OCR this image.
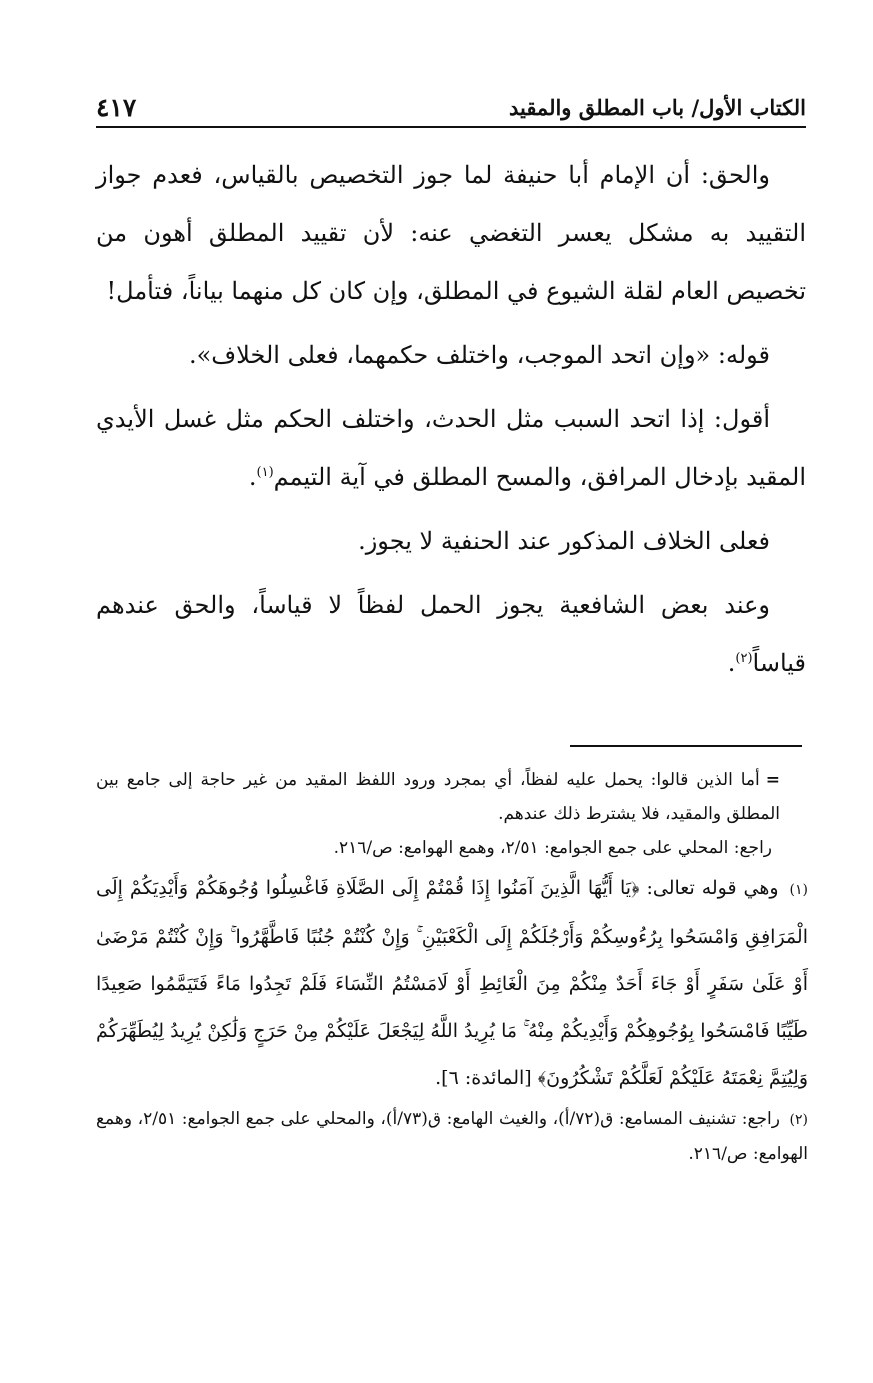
الكتاب الأول/ باب المطلق والمقيد
٤١٧

والحق: أن الإمام أبا حنيفة لما جوز التخصيص بالقياس، فعدم جواز التقييد به مشكل يعسر التغضي عنه: لأن تقييد المطلق أهون من تخصيص العام لقلة الشيوع في المطلق، وإن كان كل منهما بياناً، فتأمل!

قوله: «وإن اتحد الموجب، واختلف حكمهما، فعلى الخلاف».

أقول: إذا اتحد السبب مثل الحدث، واختلف الحكم مثل غسل الأيدي المقيد بإدخال المرافق، والمسح المطلق في آية التيمم$^{(١)}$.

فعلى الخلاف المذكور عند الحنفية لا يجوز.

وعند بعض الشافعية يجوز الحمل لفظاً لا قياساً، والحق عندهم قياساً$^{(٢)}$.

=أما الذين قالوا: يحمل عليه لفظاً، أي بمجرد ورود اللفظ المقيد من غير حاجة إلى جامع بين المطلق والمقيد، فلا يشترط ذلك عندهم.

راجع: المحلي على جمع الجوامع: ٢/٥١، وهمع الهوامع: ص/٢١٦.

(١) وهي قوله تعالى: ﴿يَا أَيُّهَا الَّذِينَ آمَنُوا إِذَا قُمْتُمْ إِلَى الصَّلَاةِ فَاغْسِلُوا وُجُوهَكُمْ وَأَيْدِيَكُمْ إِلَى الْمَرَافِقِ وَامْسَحُوا بِرُءُوسِكُمْ وَأَرْجُلَكُمْ إِلَى الْكَعْبَيْنِ ۚ وَإِنْ كُنْتُمْ جُنُبًا فَاطَّهَّرُوا ۚ وَإِنْ كُنْتُمْ مَرْضَىٰ أَوْ عَلَىٰ سَفَرٍ أَوْ جَاءَ أَحَدٌ مِنْكُمْ مِنَ الْغَائِطِ أَوْ لَامَسْتُمُ النِّسَاءَ فَلَمْ تَجِدُوا مَاءً فَتَيَمَّمُوا صَعِيدًا طَيِّبًا فَامْسَحُوا بِوُجُوهِكُمْ وَأَيْدِيكُمْ مِنْهُ ۚ مَا يُرِيدُ اللَّهُ لِيَجْعَلَ عَلَيْكُمْ مِنْ حَرَجٍ وَلَٰكِنْ يُرِيدُ لِيُطَهِّرَكُمْ وَلِيُتِمَّ نِعْمَتَهُ عَلَيْكُمْ لَعَلَّكُمْ تَشْكُرُونَ﴾ [المائدة: ٦].

(٢) راجع: تشنيف المسامع: ق(٧٢/أ)، والغيث الهامع: ق(٧٣/أ)، والمحلي على جمع الجوامع: ٢/٥١، وهمع الهوامع: ص/٢١٦.
